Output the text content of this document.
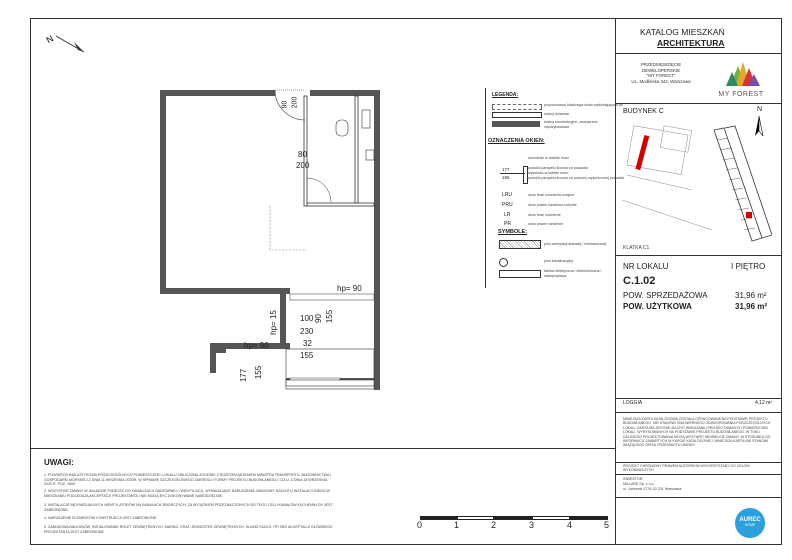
KATALOG MIESZKAŃ
ARCHITEKTURA
PRZEDSIĘWZIĘCIE
DEWELOPERSKIE
"MY FOREST"
UL. Modlińska 342, Warszawa
MY FOREST
BUDYNEK C	N
KLATKA C1
NR LOKALU	I PIĘTRO
C.1.02
POW. SPRZEDAŻOWA	31,96 m²
POW. UŻYTKOWA	31,96 m²
LOGGIA	4,12 m²
NINIEJSZA KARTA KATALOGOWA ZOSTAŁA OPRACOWANA NA PODSTAWIE PROJEKTU BUDOWLANEGO. NIE STANOWI ONA WIERNEGO ODWZOROWANIA POSZCZEGÓLNYCH LOKALI. KARTA MA JEDYNIE SŁUŻYĆ WSKAZANIU PROJEKTOWANYCH POWIERZCHNI LOKALI, WYRYSOWANYCH NA PODSTAWIE PROJEKTU BUDOWLANEGO. W TOKU DALSZEGO PROJEKTOWANIA MOGĄ WYSTĄPIĆ NIEWIELKIE ZMIANY. W STOSUNKU DO INFORMACJI ZAWARTYCH W KARCIE KATALOGOWEJ. NINIEJSZA KARTA NIE STANOWI WIĄŻĄCEGO OPISU PRZEDMIOTU UMOWY.
PROJEKT CHRONIONY PRAWEM AUTORSKIM WYKORZYSTANY DO CELÓW WYKONAWCZYCH
INWESTOR:
MILLARE Sp. z o.o.
ul. Jutrzenki 177A,02-231 Warszawa
AUREC
HOME
LEGENDA:
proponowana lokalizacja ścian wydzielających wc
ściany działowe
ściany konstrukcyjne, zewnętrzne, międzylokalowe
OZNACZENIA OKIEN:
szerokość w świetle muru
177
155
podokić parapetu liczona od posadzki
wysokość w świetle muru
podokić parapetu liczona od poziomu wykończonej posadzki
LRU	okno lewe rozwierno-uchylne
PRU	okno prawe rozwierno-uchylne
LR	okno lewe rozwierne
PR	okno prawe rozwierne
SYMBOLE:
pion wentylacji stałowej / mechanicznej
pion kanalizacyjny
tablica elektryczna / teletechniczna / słaboprądowa
N
90 200
80
200
hp= 90
hp= 15
hp= 90
100 90
230
155
32
155
177 155
UWAGI:
1. POWIERZCHNIA UŻYTKOWA POSZCZEGÓLNYCH POMIESZCZEŃ I LOKALU OBLICZONA ZGODNIE Z ROZPORZĄDZENIEM MINISTRA TRANSPORTU, BUDOWNICTWA I GOSPODARKI MORSKIEJ Z DNIA 11 WRZEŚNIA 2020R. W SPRAWIE SZCZEGÓŁOWEGO ZAKRESU I FORMY PROJEKTU BUDOWLANEGO / DZ.U. Z DNIA 18 WRZEŚNIA 2020 R. POZ. 1609
2. WSZYSTKIE ZMIANY W UKŁADZIE PODEJŚĆ DO KANALIZACJI SANITARNEJ I WENTYLACJI, WYMAGAJĄCE NARUSZENIA OBUDOWY SZACHTU INSTALACYJNEGO W MIESZKANIU PODLEGAJĄ AKCEPTACJI PROJEKTANTA I NIE MOGĄ BYĆ DOKONYWANE SAMODZIELNIE.
3. INSTALACJE INDYWIDUALNYCH WENTYLATORÓW NA KANAŁACH ZBIORCZYCH, ZA WYJĄTKIEM PRZEZNACZONYCH DO TEGO CELU KANAŁÓW KUCHENNYCH JEST ZABRONIONE.
4. NARUSZENIE ELEMENTÓW KONSTRUKCJI JEST ZABRONIONE.
5. ZABUDOWA BALKONÓW, INSTALOWANIE ROLET ZEWNĘTRZNYCH, MARKIZ, KRAT, JEDNOSTEK ZEWNĘTRZNYCH, KLIMATYZACJI, ITP. BEZ AKCEPTACJI GŁÓWNEGO PROJEKTANTA JEST ZABRONIONE.
0	1	2	3	4	5
